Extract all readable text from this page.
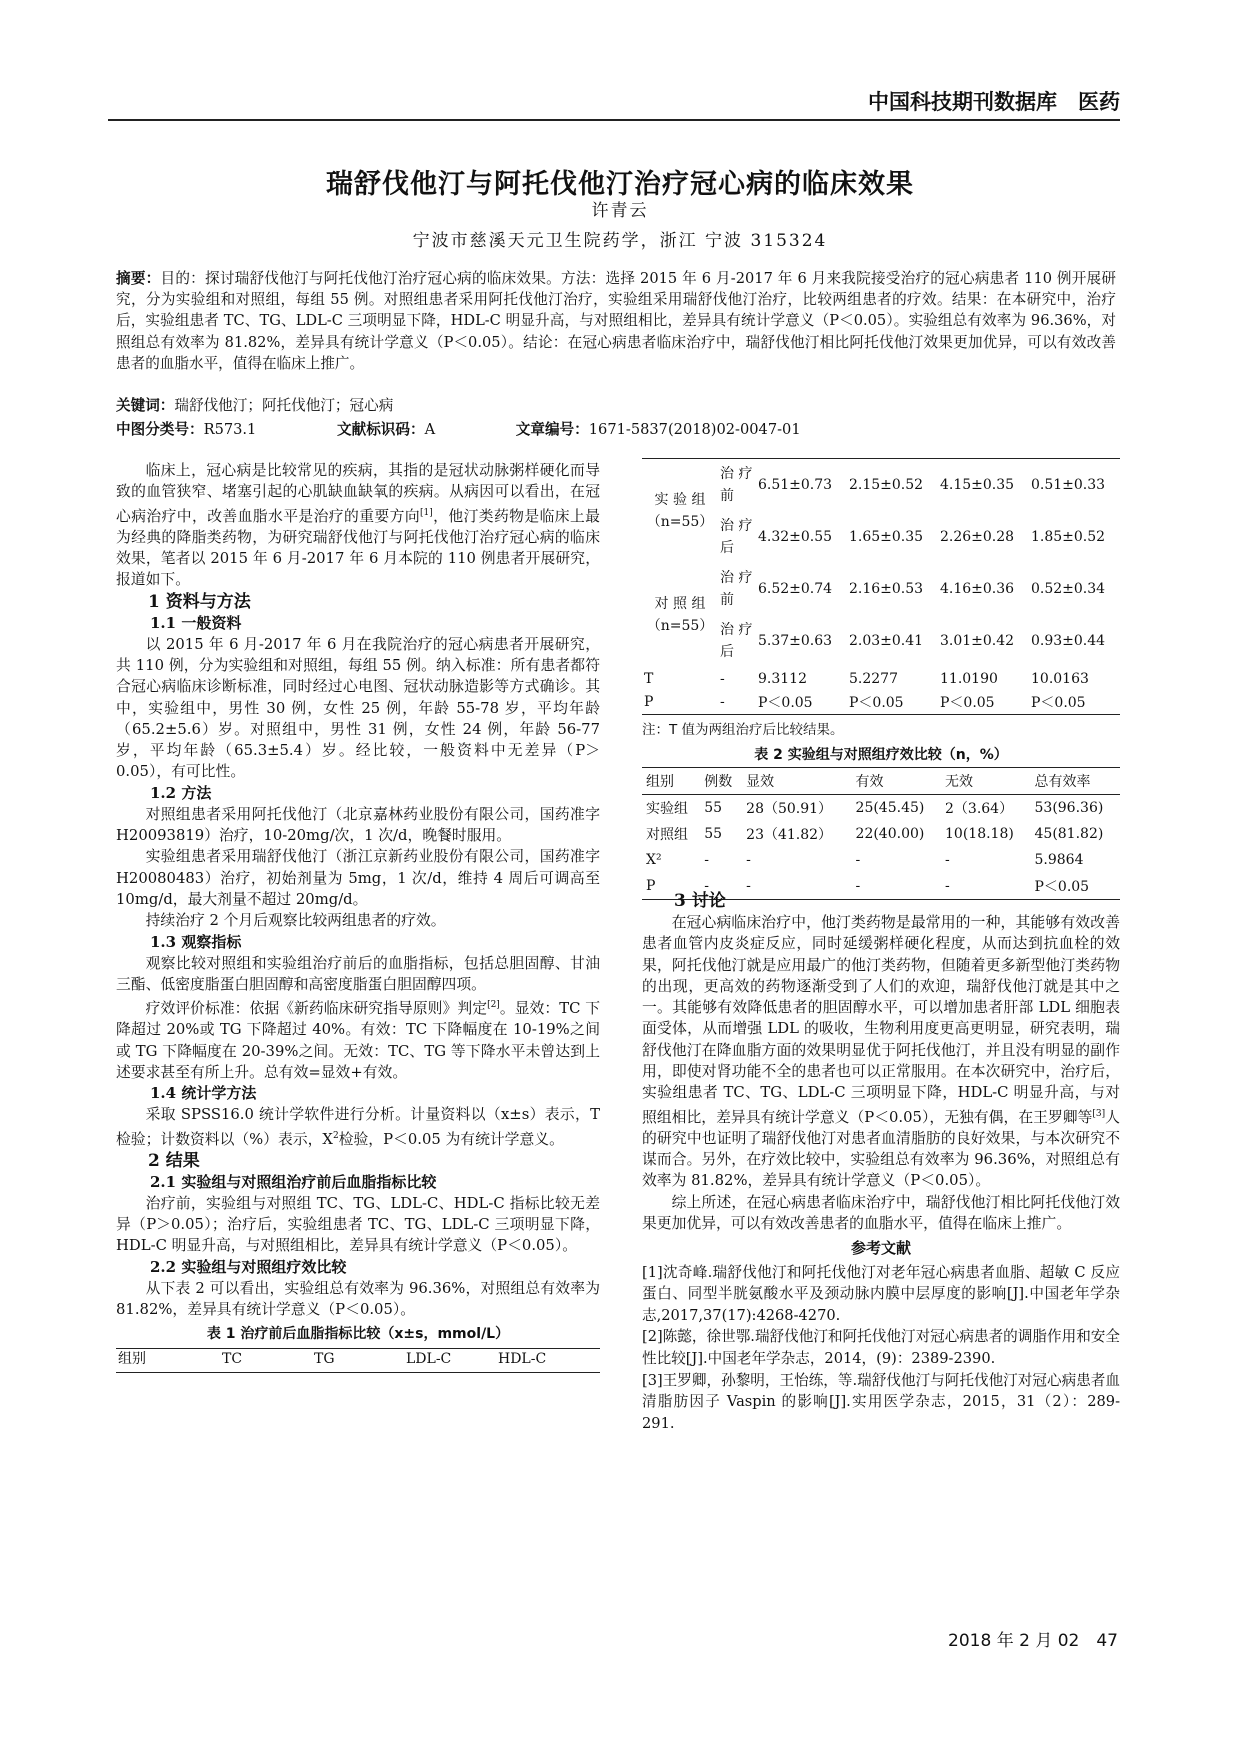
中国科技期刊数据库　医药
瑞舒伐他汀与阿托伐他汀治疗冠心病的临床效果
许青云
宁波市慈溪天元卫生院药学，浙江 宁波 315324
摘要：目的：探讨瑞舒伐他汀与阿托伐他汀治疗冠心病的临床效果。方法：选择 2015 年 6 月-2017 年 6 月来我院接受治疗的冠心病患者 110 例开展研究，分为实验组和对照组，每组 55 例。对照组患者采用阿托伐他汀治疗，实验组采用瑞舒伐他汀治疗，比较两组患者的疗效。结果：在本研究中，治疗后，实验组患者 TC、TG、LDL-C 三项明显下降，HDL-C 明显升高，与对照组相比，差异具有统计学意义（P＜0.05）。实验组总有效率为 96.36%，对照组总有效率为 81.82%，差异具有统计学意义（P＜0.05）。结论：在冠心病患者临床治疗中，瑞舒伐他汀相比阿托伐他汀效果更加优异，可以有效改善患者的血脂水平，值得在临床上推广。
关键词：瑞舒伐他汀；阿托伐他汀；冠心病
中图分类号：R573.1	文献标识码：A	文章编号：1671-5837(2018)02-0047-01

临床上，冠心病是比较常见的疾病，其指的是冠状动脉粥样硬化而导致的血管狭窄、堵塞引起的心肌缺血缺氧的疾病。从病因可以看出，在冠心病治疗中，改善血脂水平是治疗的重要方向[1]，他汀类药物是临床上最为经典的降脂类药物，为研究瑞舒伐他汀与阿托伐他汀治疗冠心病的临床效果，笔者以 2015 年 6 月-2017 年 6 月本院的 110 例患者开展研究，报道如下。

1 资料与方法
1.1 一般资料

以 2015 年 6 月-2017 年 6 月在我院治疗的冠心病患者开展研究，共 110 例，分为实验组和对照组，每组 55 例。纳入标准：所有患者都符合冠心病临床诊断标准，同时经过心电图、冠状动脉造影等方式确诊。其中，实验组中，男性 30 例，女性 25 例，年龄 55-78 岁，平均年龄（65.2±5.6）岁。对照组中，男性 31 例，女性 24 例，年龄 56-77 岁，平均年龄（65.3±5.4）岁。经比较，一般资料中无差异（P＞0.05），有可比性。

1.2 方法

对照组患者采用阿托伐他汀（北京嘉林药业股份有限公司，国药准字 H20093819）治疗，10-20mg/次，1 次/d，晚餐时服用。

实验组患者采用瑞舒伐他汀（浙江京新药业股份有限公司，国药准字 H20080483）治疗，初始剂量为 5mg，1 次/d，维持 4 周后可调高至 10mg/d，最大剂量不超过 20mg/d。

持续治疗 2 个月后观察比较两组患者的疗效。

1.3 观察指标

观察比较对照组和实验组治疗前后的血脂指标，包括总胆固醇、甘油三酯、低密度脂蛋白胆固醇和高密度脂蛋白胆固醇四项。

疗效评价标准：依据《新药临床研究指导原则》判定[2]。显效：TC 下降超过 20%或 TG 下降超过 40%。有效：TC 下降幅度在 10-19%之间或 TG 下降幅度在 20-39%之间。无效：TC、TG 等下降水平未曾达到上述要求甚至有所上升。总有效=显效+有效。

1.4 统计学方法

采取 SPSS16.0 统计学软件进行分析。计量资料以（x±s）表示，T 检验；计数资料以（%）表示，$X^2$检验，P＜0.05 为有统计学意义。

2 结果
2.1 实验组与对照组治疗前后血脂指标比较

治疗前，实验组与对照组 TC、TG、LDL-C、HDL-C 指标比较无差异（P＞0.05）；治疗后，实验组患者 TC、TG、LDL-C 三项明显下降，HDL-C 明显升高，与对照组相比，差异具有统计学意义（P＜0.05）。

2.2 实验组与对照组疗效比较

从下表 2 可以看出，实验组总有效率为 96.36%，对照组总有效率为 81.82%，差异具有统计学意义（P＜0.05）。

表 1 治疗前后血脂指标比较（x±s，mmol/L）
组别	TC	TG	LDL-C	HDL-C
实 验 组
（n=55）	治 疗 前	6.51±0.73	2.15±0.52	4.15±0.35	0.51±0.33
	治 疗 后	4.32±0.55	1.65±0.35	2.26±0.28	1.85±0.52
对 照 组
（n=55）	治 疗 前	6.52±0.74	2.16±0.53	4.16±0.36	0.52±0.34
	治 疗 后	5.37±0.63	2.03±0.41	3.01±0.42	0.93±0.44
T	-	9.3112	5.2277	11.0190	10.0163
P	-	P＜0.05	P＜0.05	P＜0.05	P＜0.05
注：T 值为两组治疗后比较结果。
表 2 实验组与对照组疗效比较（n，%）
组别	例数	显效	有效	无效	总有效率
实验组	55	28（50.91）	25(45.45)	2（3.64）	53(96.36)
对照组	55	23（41.82）	22(40.00)	10(18.18)	45(81.82)
X²	-	-	-	-	5.9864
P	-	-	-	-	P＜0.05
3 讨论

在冠心病临床治疗中，他汀类药物是最常用的一种，其能够有效改善患者血管内皮炎症反应，同时延缓粥样硬化程度，从而达到抗血栓的效果，阿托伐他汀就是应用最广的他汀类药物，但随着更多新型他汀类药物的出现，更高效的药物逐渐受到了人们的欢迎，瑞舒伐他汀就是其中之一。其能够有效降低患者的胆固醇水平，可以增加患者肝部 LDL 细胞表面受体，从而增强 LDL 的吸收，生物利用度更高更明显，研究表明，瑞舒伐他汀在降血脂方面的效果明显优于阿托伐他汀，并且没有明显的副作用，即使对肾功能不全的患者也可以正常服用。在本次研究中，治疗后，实验组患者 TC、TG、LDL-C 三项明显下降，HDL-C 明显升高，与对照组相比，差异具有统计学意义（P＜0.05），无独有偶，在王罗卿等[3]人的研究中也证明了瑞舒伐他汀对患者血清脂肪的良好效果，与本次研究不谋而合。另外，在疗效比较中，实验组总有效率为 96.36%，对照组总有效率为 81.82%，差异具有统计学意义（P＜0.05）。

综上所述，在冠心病患者临床治疗中，瑞舒伐他汀相比阿托伐他汀效果更加优异，可以有效改善患者的血脂水平，值得在临床上推广。

参考文献

[1]沈奇峰.瑞舒伐他汀和阿托伐他汀对老年冠心病患者血脂、超敏 C 反应蛋白、同型半胱氨酸水平及颈动脉内膜中层厚度的影响[J].中国老年学杂志,2017,37(17):4268-4270.

[2]陈懿，徐世鄂.瑞舒伐他汀和阿托伐他汀对冠心病患者的调脂作用和安全性比较[J].中国老年学杂志，2014，(9)：2389-2390.

[3]王罗卿，孙黎明，王怡练，等.瑞舒伐他汀与阿托伐他汀对冠心病患者血清脂肪因子 Vaspin 的影响[J].实用医学杂志，2015，31（2）：289-291.

2018 年 2 月 02　47
